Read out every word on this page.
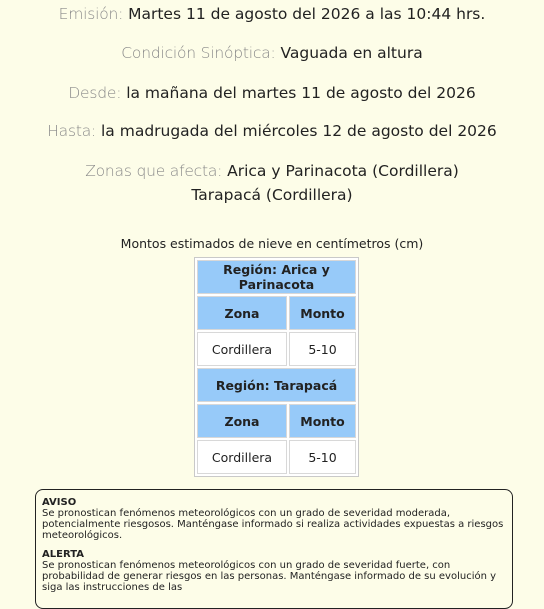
Emisión: Martes 11 de agosto del 2026 a las 10:44 hrs.
Condición Sinóptica: Vaguada en altura
Desde: la mañana del martes 11 de agosto del 2026
Hasta: la madrugada del miércoles 12 de agosto del 2026
Zonas que afecta: Arica y Parinacota (Cordillera)
Tarapacá (Cordillera)
Montos estimados de nieve en centímetros (cm)
Región: Arica y Parinacota	
Zona	Monto
Cordillera	5-10
Región: Tarapacá	
Zona	Monto
Cordillera	5-10
AVISO
Se pronostican fenómenos meteorológicos con un grado de severidad moderada, potencialmente riesgosos. Manténgase informado si realiza actividades expuestas a riesgos meteorológicos.
ALERTA
Se pronostican fenómenos meteorológicos con un grado de severidad fuerte, con probabilidad de generar riesgos en las personas. Manténgase informado de su evolución y siga las instrucciones de las
